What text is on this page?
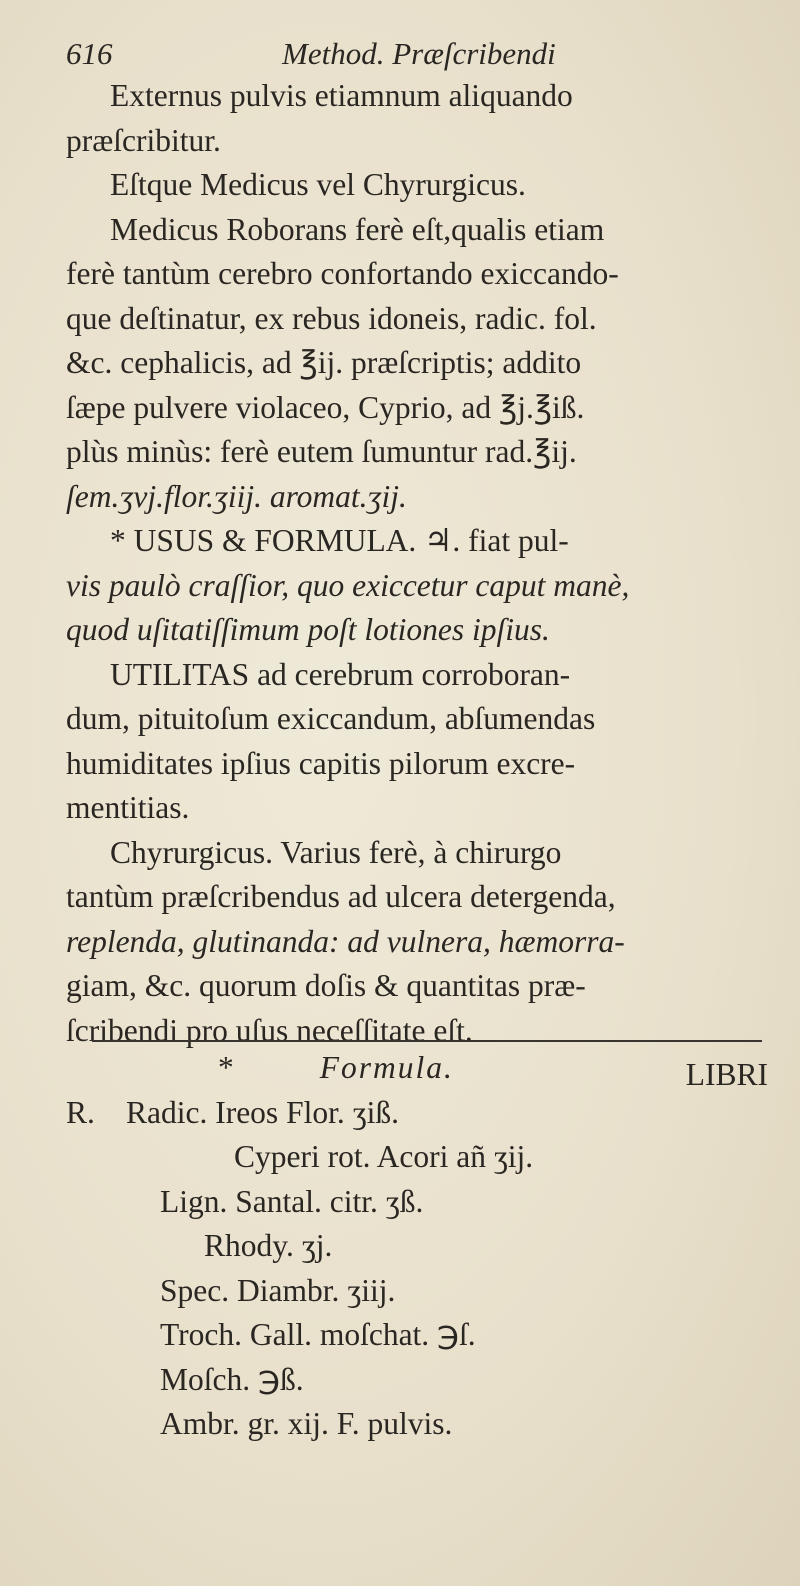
616	Method. Præſcribendi
Externus pulvis etiamnum aliquando
præſcribitur.
Eſtque Medicus vel Chyrurgicus.
Medicus Roborans ferè eſt,qualis etiam
ferè tantùm cerebro confortando exiccando-
que deſtinatur, ex rebus idoneis, radic. fol.
&c. cephalicis, ad ℥ij. præſcriptis; addito
ſæpe pulvere violaceo, Cyprio, ad ℥j.℥iß.
plùs minùs: ferè eutem ſumuntur rad.℥ij.
ſem.ʒvj.flor.ʒiij. aromat.ʒij.
* USUS & FORMULA. ♃. fiat pul-
vis paulò craſſior, quo exiccetur caput manè,
quod uſitatiſſimum poſt lotiones ipſius.
UTILITAS ad cerebrum corroboran-
dum, pituitoſum exiccandum, abſumendas
humiditates ipſius capitis pilorum excre-
mentitias.
Chyrurgicus. Varius ferè, à chirurgo
tantùm præſcribendus ad ulcera detergenda,
replenda, glutinanda: ad vulnera, hæmorra-
giam, &c. quorum doſis & quantitas præ-
ſcribendi pro uſus neceſſitate eſt.
LIBRI
*	Formula.
R. Radic. Ireos Flor. ʒiß.
Cyperi rot. Acori añ ʒij.
Lign. Santal. citr. ʒß.
Rhody. ʒj.
Spec. Diambr. ʒiij.
Troch. Gall. moſchat. ℈ſ.
Moſch. ℈ß.
Ambr. gr. xij. F. pulvis.
